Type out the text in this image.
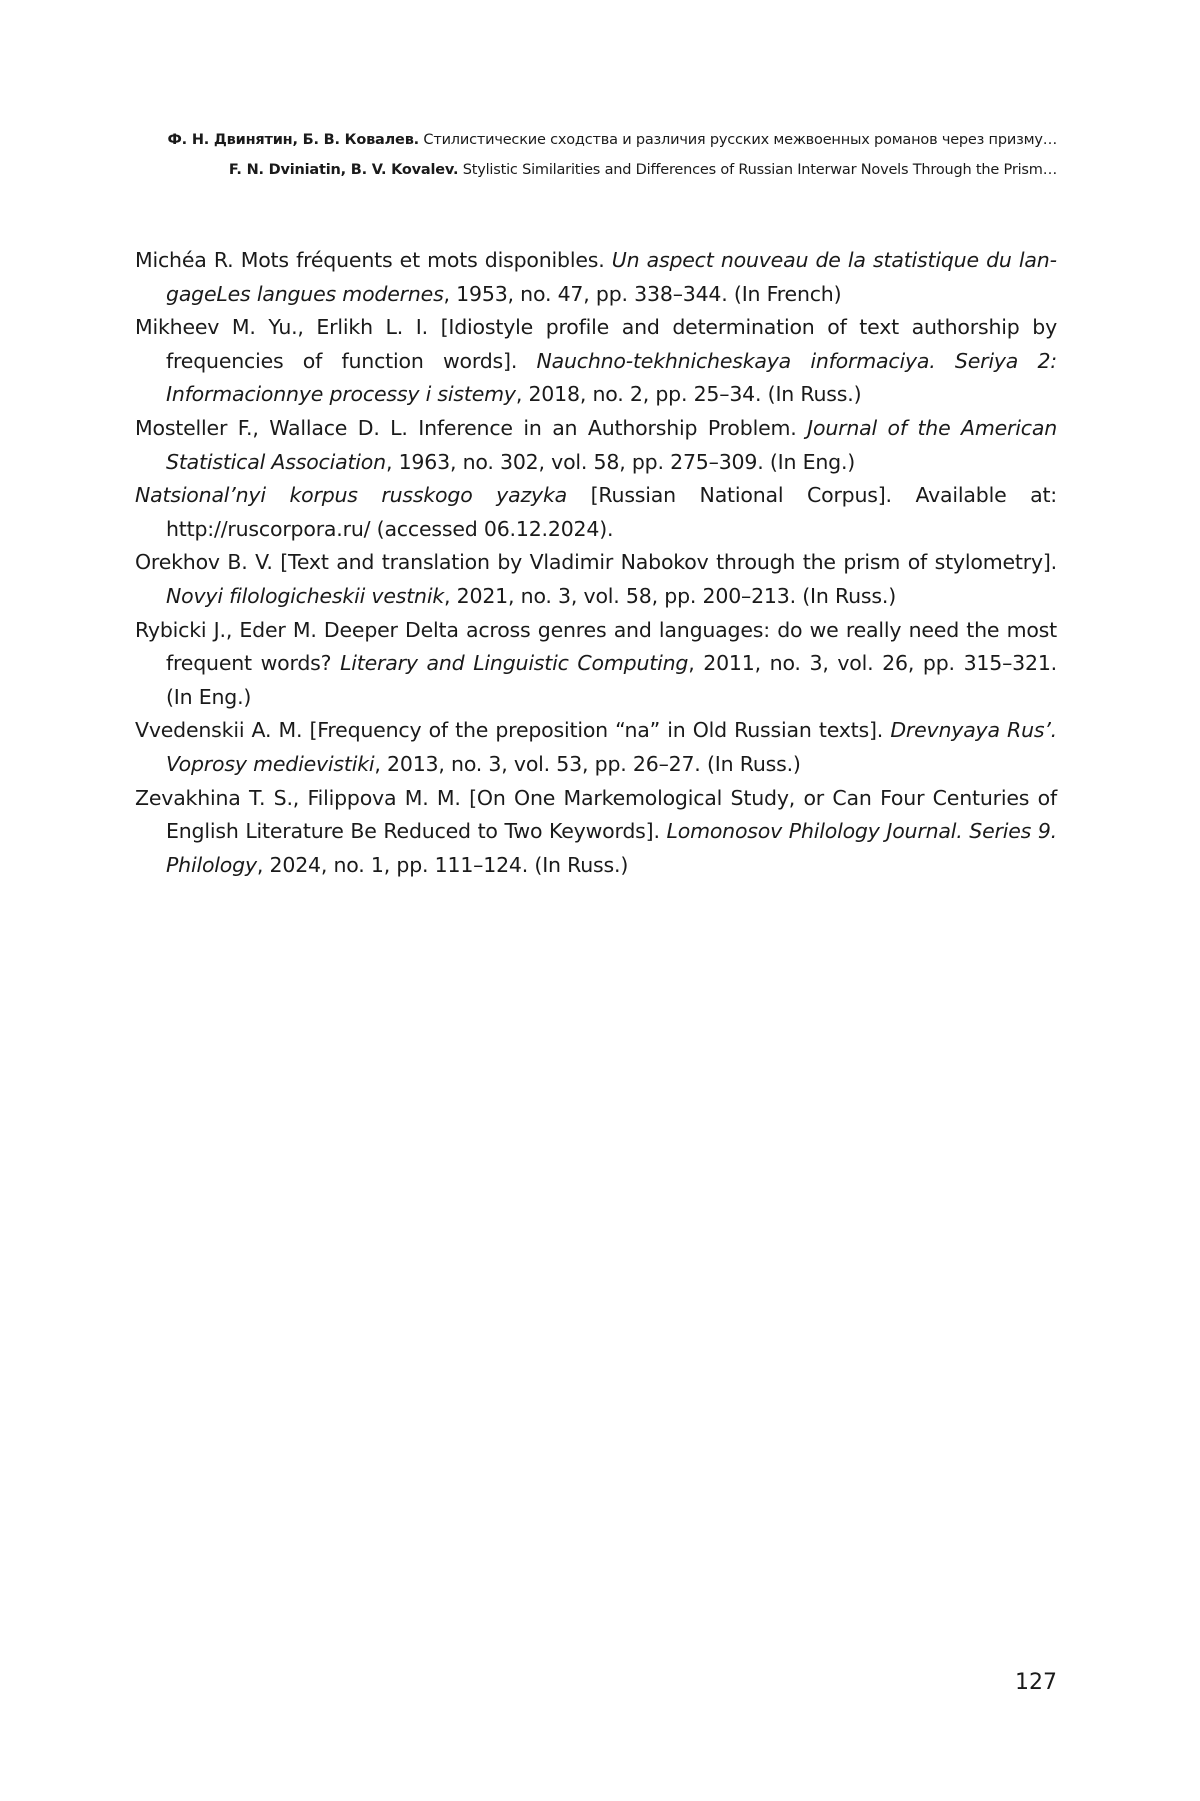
Ф. Н. Двинятин, Б. В. Ковалев. Стилистические сходства и различия русских межвоенных романов через призму…
F. N. Dviniatin, B. V. Kovalev. Stylistic Similarities and Differences of Russian Interwar Novels Through the Prism…

Michéa R. Mots fréquents et mots disponibles. Un aspect nouveau de la statistique du langageLes langues modernes, 1953, no. 47, pp. 338–344. (In French)

Mikheev M. Yu., Erlikh L. I. [Idiostyle profile and determination of text authorship by frequencies of function words]. Nauchno-tekhnicheskaya informaciya. Seriya 2: Informacionnye processy i sistemy, 2018, no. 2, pp. 25–34. (In Russ.)

Mosteller F., Wallace D. L. Inference in an Authorship Problem. Journal of the American Statistical Association, 1963, no. 302, vol. 58, pp. 275–309. (In Eng.)

Natsional’nyi korpus russkogo yazyka [Russian National Corpus]. Available at: http://ruscorpora.ru/ (accessed 06.12.2024).

Orekhov B. V. [Text and translation by Vladimir Nabokov through the prism of stylometry]. Novyi filologicheskii vestnik, 2021, no. 3, vol. 58, pp. 200–213. (In Russ.)

Rybicki J., Eder M. Deeper Delta across genres and languages: do we really need the most frequent words? Literary and Linguistic Computing, 2011, no. 3, vol. 26, pp. 315–321. (In Eng.)

Vvedenskii A. M. [Frequency of the preposition “na” in Old Russian texts]. Drevnyaya Rus’. Voprosy medievistiki, 2013, no. 3, vol. 53, pp. 26–27. (In Russ.)

Zevakhina T. S., Filippova M. M. [On One Markemological Study, or Can Four Centuries of English Literature Be Reduced to Two Keywords]. Lomonosov Philology Journal. Series 9. Philology, 2024, no. 1, pp. 111–124. (In Russ.)

127
